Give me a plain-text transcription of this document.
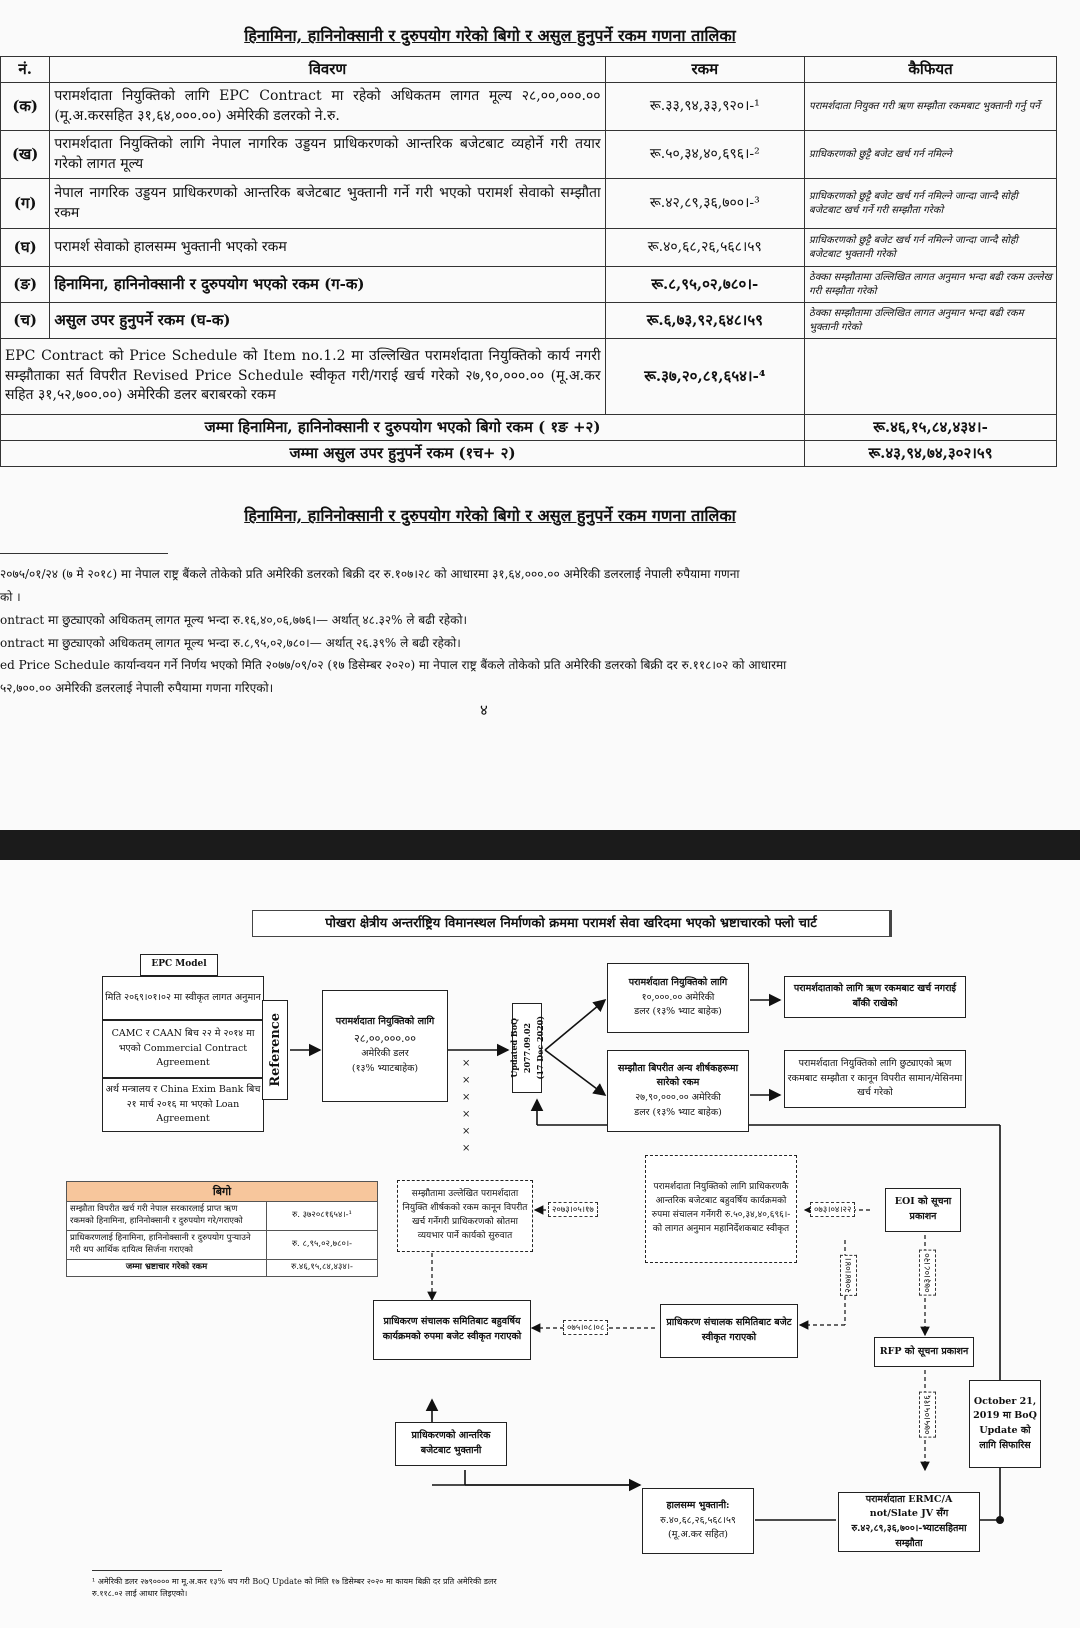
हिनामिना, हानिनोक्सानी र दुरुपयोग गरेको बिगो र असुल हुनुपर्ने रकम गणना तालिका
नं.	विवरण	रकम	कैफियत
(क)	परामर्शदाता नियुक्तिको लागि EPC Contract मा रहेको अधिकतम लागत मूल्य २८,००,०००.०० (मू.अ.करसहित ३१,६४,०००.००) अमेरिकी डलरको ने.रु.	रू.३३,९४,३३,९२०।-¹	परामर्शदाता नियुक्त गरी ऋण सम्झौता रकमबाट भुक्तानी गर्नु पर्ने
(ख)	परामर्शदाता नियुक्तिको लागि नेपाल नागरिक उड्डयन प्राधिकरणको आन्तरिक बजेटबाट व्यहोर्ने गरी तयार गरेको लागत मूल्य	रू.५०,३४,४०,६९६।-²	प्राधिकरणको छुट्टै बजेट खर्च गर्न नमिल्ने
(ग)	नेपाल नागरिक उड्डयन प्राधिकरणको आन्तरिक बजेटबाट भुक्तानी गर्ने गरी भएको परामर्श सेवाको सम्झौता रकम	रू.४२,८९,३६,७००।-³	प्राधिकरणको छुट्टै बजेट खर्च गर्न नमिल्ने जान्दा जान्दै सोही बजेटबाट खर्च गर्ने गरी सम्झौता गरेको
(घ)	परामर्श सेवाको हालसम्म भुक्तानी भएको रकम	रू.४०,६८,२६,५६८।५९	प्राधिकरणको छुट्टै बजेट खर्च गर्न नमिल्ने जान्दा जान्दै सोही बजेटबाट भुक्तानी गरेको
(ङ)	हिनामिना, हानिनोक्सानी र दुरुपयोग भएको रकम (ग-क)	रू.८,९५,०२,७८०।-	ठेक्का सम्झौतामा उल्लिखित लागत अनुमान भन्दा बढी रकम उल्लेख गरी सम्झौता गरेको
(च)	असुल उपर हुनुपर्ने रकम (घ-क)	रू.६,७३,९२,६४८।५९	ठेक्का सम्झौतामा उल्लिखित लागत अनुमान भन्दा बढी रकम भुक्तानी गरेको
EPC Contract को Price Schedule को Item no.1.2 मा उल्लिखित परामर्शदाता नियुक्तिको कार्य नगरी सम्झौताका सर्त विपरीत Revised Price Schedule स्वीकृत गरी/गराई खर्च गरेको २७,९०,०००.०० (मू.अ.कर सहित ३१,५२,७००.००) अमेरिकी डलर बराबरको रकम		रू.३७,२०,८१,६५४।-⁴	
जम्मा हिनामिना, हानिनोक्सानी र दुरुपयोग भएको बिगो रकम ( १ङ +२)			रू.४६,१५,८४,४३४।-
जम्मा असुल उपर हुनुपर्ने रकम (१च+ २)			रू.४३,९४,७४,३०२।५९
हिनामिना, हानिनोक्सानी र दुरुपयोग गरेको बिगो र असुल हुनुपर्ने रकम गणना तालिका
२०७५/०१/२४ (७ मे २०१८) मा नेपाल राष्ट्र बैंकले तोकेको प्रति अमेरिकी डलरको बिक्री दर रु.१०७।२८ को आधारमा ३१,६४,०००.०० अमेरिकी डलरलाई नेपाली रुपैयामा गणना
को ।
ontract मा छुट्याएको अधिकतम् लागत मूल्य भन्दा रु.१६,४०,०६,७७६।— अर्थात् ४८.३२% ले बढी रहेको।
ontract मा छुट्याएको अधिकतम् लागत मूल्य भन्दा रु.८,९५,०२,७८०।— अर्थात् २६.३९% ले बढी रहेको।
ed Price Schedule कार्यान्वयन गर्ने निर्णय भएको मिति २०७७/०९/०२ (१७ डिसेम्बर २०२०) मा नेपाल राष्ट्र बैंकले तोकेको प्रति अमेरिकी डलरको बिक्री दर रु.११८।०२ को आधारमा
५२,७००.०० अमेरिकी डलरलाई नेपाली रुपैयामा गणना गरिएको।
४
पोखरा क्षेत्रीय अन्तर्राष्ट्रिय विमानस्थल निर्माणको क्रममा परामर्श सेवा खरिदमा भएको भ्रष्टाचारको फ्लो चार्ट
EPC Model
मिति २०६९।०१।०२ मा स्वीकृत लागत अनुमान
CAMC र CAAN बिच २२ मे २०१४ मा भएको Commercial Contract Agreement
अर्थ मन्त्रालय र China Exim Bank बिच २१ मार्च २०१६ मा भएको Loan Agreement
Reference	परामर्शदाता नियुक्तिको लागि
२८,००,०००.००
अमेरिकी डलर
(१३% भ्याटबाहेक)	×
×
×
×
×
×
Updated BoQ 2077.09.02 (17 Dec 2020)
परामर्शदाता नियुक्तिको लागि
१०,०००.०० अमेरिकी
डलर (१३% भ्याट बाहेक)
सम्झौता बिपरीत अन्य शीर्षकहरूमा सारेको रकम
२७,९०,०००.०० अमेरिकी
डलर (१३% भ्याट बाहेक)
परामर्शदाताको लागि ऋण रकमबाट खर्च नगराई बाँकी राखेको
परामर्शदाता नियुक्तिको लागि छुट्याएको ऋण रकमबाट सम्झौता र कानून विपरीत सामान/मेसिनमा खर्च गरेको
बिगो	
सम्झौता विपरीत खर्च गरी नेपाल सरकारलाई प्राप्त ऋण रकमको हिनामिना, हानिनोक्सानी र दुरुपयोग गरे/गराएको	रु. ३७२०८१६५४।-¹
प्राधिकरणलाई हिनामिना, हानिनोक्सानी र दुरुपयोग पुऱ्याउने गरी थप आर्थिक दायित्व सिर्जना गराएको	रु. ८,९५,०२,७८०।-
जम्मा भ्रष्टाचार गरेको रकम	रु.४६,१५,८४,४३४।-
सम्झौतामा उल्लेखित परामर्शदाता नियुक्ति शीर्षकको रकम कानून विपरीत खर्च गर्नेगरी प्राधिकरणको स्रोतमा व्ययभार पार्ने कार्यको सुरुवात
२०७३।०५।१७
परामर्शदाता नियुक्तिको लागि प्राधिकरणकै आन्तरिक बजेटबाट बहुवर्षिय कार्यक्रमको रुपमा संचालन गर्नेगरी रु.५०,३४,४०,६९६।-को लागत अनुमान महानिर्देशकबाट स्वीकृत
०७३।०४।२२
EOI को सूचना प्रकाशन
२०७४।०४।	०७३।०८।२०
प्राधिकरण संचालक समितिबाट बहुवर्षिय कार्यक्रमको रुपमा बजेट स्वीकृत गराएको
०७५।०८।०८	प्राधिकरण संचालक समितिबाट बजेट स्वीकृत गराएको
RFP को सूचना प्रकाशन
०७५।०५।१६	October 21, 2019 मा BoQ Update को लागि सिफारिस
प्राधिकरणको आन्तरिक बजेटबाट भुक्तानी
हालसम्म भुक्तानी:
रु.४०,६८,२६,५६८।५९
(मू.अ.कर सहित)
परामर्शदाता ERMC/A not/Slate JV सँग रु.४२,८९,३६,७००।-भ्याटसहितमा सम्झौता
¹ अमेरिकी डलर २७९०००० मा मू.अ.कर १३% थप गरी BoQ Update को मिति १७ डिसेम्बर २०२० मा कायम बिक्री दर प्रति अमेरिकी डलर रु.११८.०२ लाई आधार लिइएको।
